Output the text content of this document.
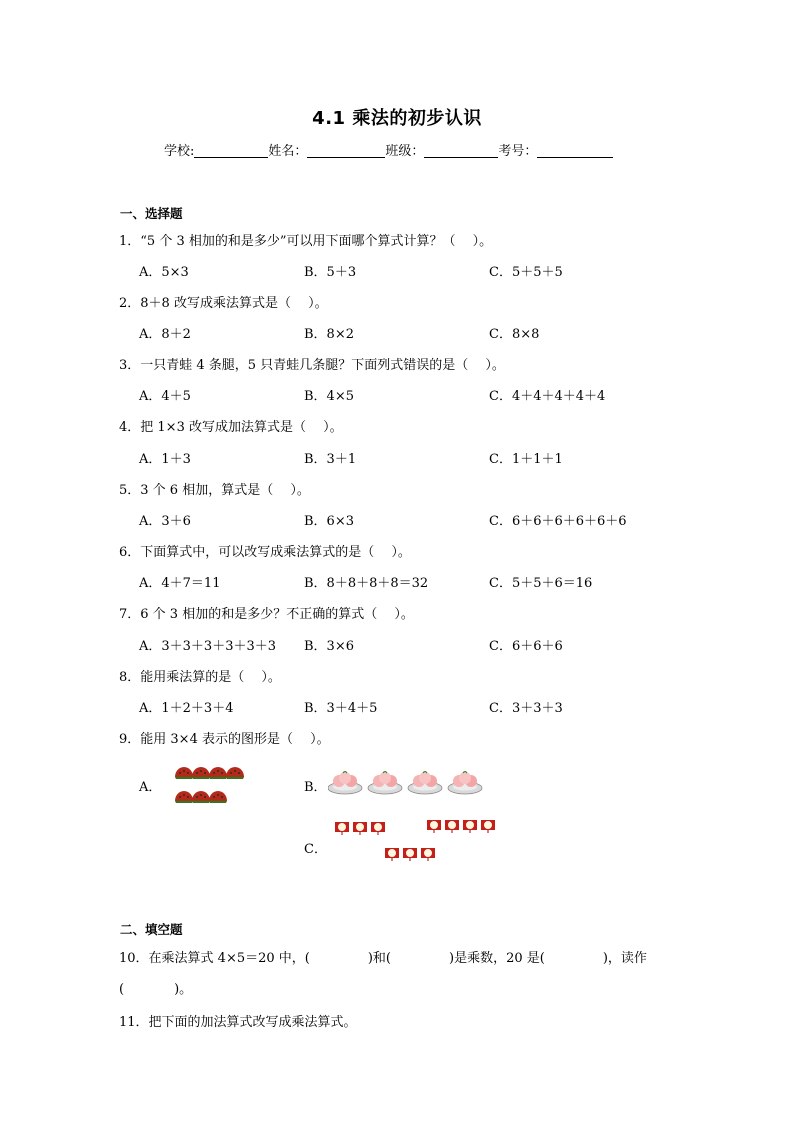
4.1 乘法的初步认识
学校:	姓名：	班级：	考号：
一、选择题
1．“5 个 3 相加的和是多少”可以用下面哪个算式计算？（　 ）。
A．5×3	B．5＋3	C．5＋5＋5
2．8＋8 改写成乘法算式是（　 ）。
A．8＋2	B．8×2	C．8×8
3．一只青蛙 4 条腿，5 只青蛙几条腿？下面列式错误的是（　 ）。
A．4＋5	B．4×5	C．4＋4＋4＋4＋4
4．把 1×3 改写成加法算式是（　 ）。
A．1＋3	B．3＋1	C．1＋1＋1
5．3 个 6 相加，算式是（　 ）。
A．3＋6	B．6×3	C．6＋6＋6＋6＋6＋6
6．下面算式中，可以改写成乘法算式的是（　 ）。
A．4＋7＝11	B．8＋8＋8＋8＝32	C．5＋5＋6＝16
7．6 个 3 相加的和是多少？不正确的算式（　 ）。
A．3＋3＋3＋3＋3＋3 B．3×6	C．6＋6＋6
8．能用乘法算的是（　 ）。
A．1＋2＋3＋4	B．3＋4＋5	C．3＋3＋3
9．能用 3×4 表示的图形是（　 ）。
A．	B．
C．
二、填空题
10．在乘法算式 4×5＝20 中，(	)和(	)是乘数，20 是(	)，读作
(	)。
11．把下面的加法算式改写成乘法算式。
